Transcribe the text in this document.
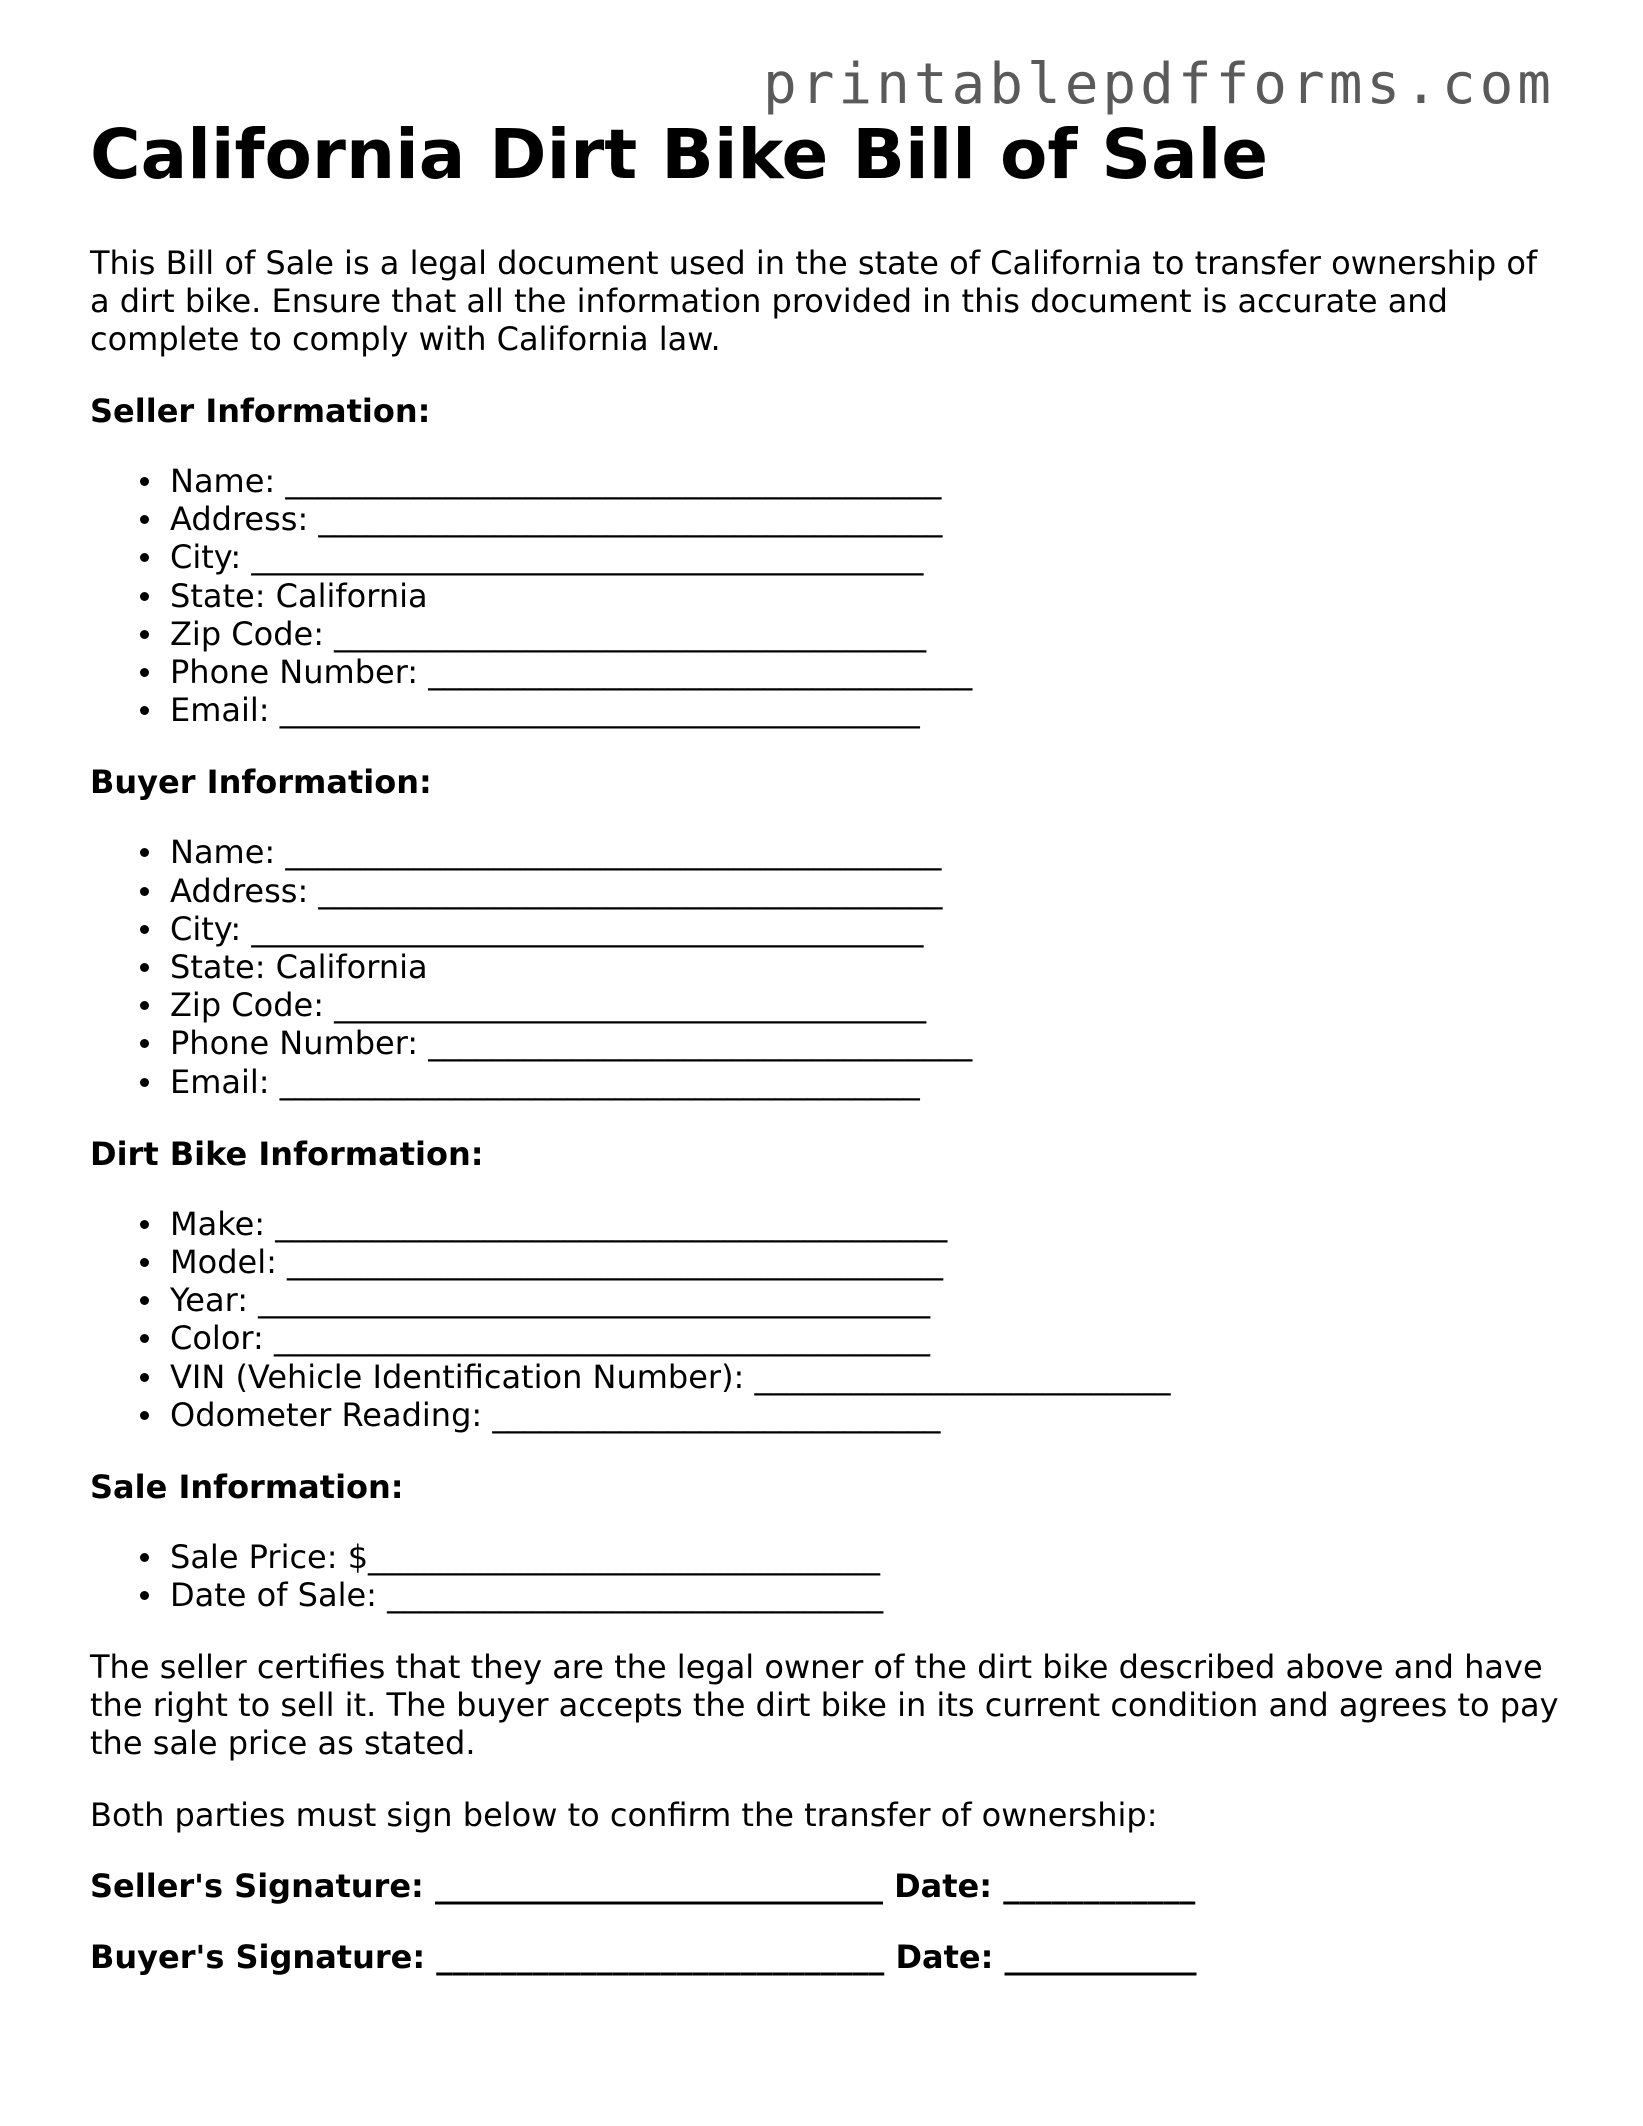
printablepdfforms.com
California Dirt Bike Bill of Sale

This Bill of Sale is a legal document used in the state of California to transfer ownership of a dirt bike. Ensure that all the information provided in this document is accurate and complete to comply with California law.

Seller Information:
Name: _________________________________________
Address: _______________________________________
City: __________________________________________
State: California
Zip Code: _____________________________________
Phone Number: __________________________________
Email: ________________________________________
Buyer Information:
Name: _________________________________________
Address: _______________________________________
City: __________________________________________
State: California
Zip Code: _____________________________________
Phone Number: __________________________________
Email: ________________________________________
Dirt Bike Information:
Make: __________________________________________
Model: _________________________________________
Year: __________________________________________
Color: _________________________________________
VIN (Vehicle Identification Number): __________________________
Odometer Reading: ____________________________
Sale Information:
Sale Price: $________________________________
Date of Sale: _______________________________

The seller certifies that they are the legal owner of the dirt bike described above and have the right to sell it. The buyer accepts the dirt bike in its current condition and agrees to pay the sale price as stated.

Both parties must sign below to confirm the transfer of ownership:

Seller's Signature: ____________________________ Date: ____________
Buyer's Signature: ____________________________ Date: ____________
